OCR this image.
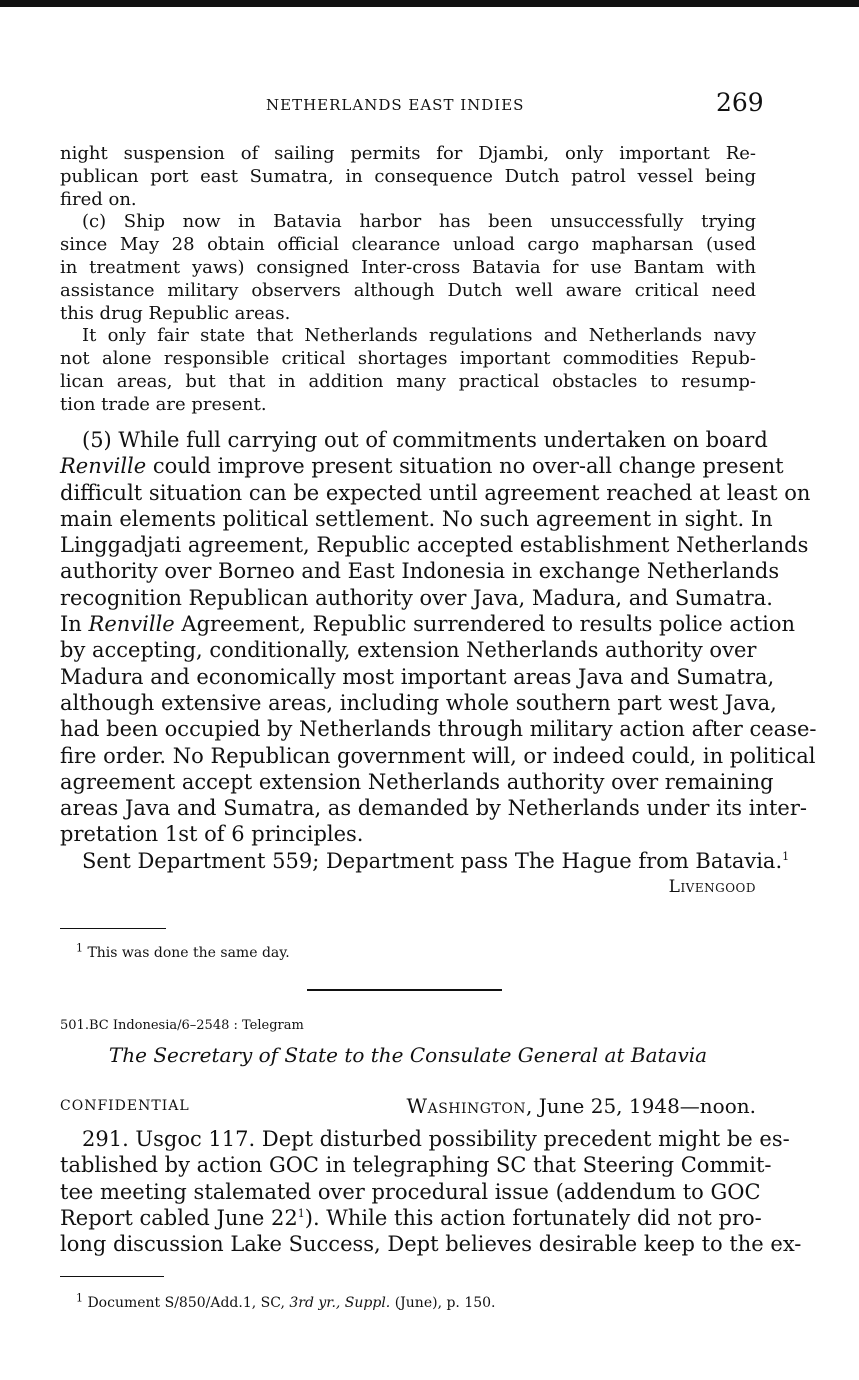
NETHERLANDS EAST INDIES	269
night suspension of sailing permits for Djambi, only important Re-
publican port east Sumatra, in consequence Dutch patrol vessel being
fired on.
(c) Ship now in Batavia harbor has been unsuccessfully trying
since May 28 obtain official clearance unload cargo mapharsan (used
in treatment yaws) consigned Inter-cross Batavia for use Bantam with
assistance military observers although Dutch well aware critical need
this drug Republic areas.
It only fair state that Netherlands regulations and Netherlands navy
not alone responsible critical shortages important commodities Repub-
lican areas, but that in addition many practical obstacles to resump-
tion trade are present.
(5) While full carrying out of commitments undertaken on board
Renville could improve present situation no over-all change present
difficult situation can be expected until agreement reached at least on
main elements political settlement. No such agreement in sight. In
Linggadjati agreement, Republic accepted establishment Netherlands
authority over Borneo and East Indonesia in exchange Netherlands
recognition Republican authority over Java, Madura, and Sumatra.
In Renville Agreement, Republic surrendered to results police action
by accepting, conditionally, extension Netherlands authority over
Madura and economically most important areas Java and Sumatra,
although extensive areas, including whole southern part west Java,
had been occupied by Netherlands through military action after cease-
fire order. No Republican government will, or indeed could, in political
agreement accept extension Netherlands authority over remaining
areas Java and Sumatra, as demanded by Netherlands under its inter-
pretation 1st of 6 principles.
Sent Department 559; Department pass The Hague from Batavia.$^1$
Livengood
$^1$ This was done the same day.
501.BC Indonesia/6–2548 : Telegram
The Secretary of State to the Consulate General at Batavia
CONFIDENTIAL	Washington, June 25, 1948—noon.
291. Usgoc 117. Dept disturbed possibility precedent might be es-
tablished by action GOC in telegraphing SC that Steering Commit-
tee meeting stalemated over procedural issue (addendum to GOC
Report cabled June $22^1$). While this action fortunately did not pro-
long discussion Lake Success, Dept believes desirable keep to the ex-
$^1$ Document S/850/Add.1, SC, 3rd yr., Suppl. (June), p. 150.
